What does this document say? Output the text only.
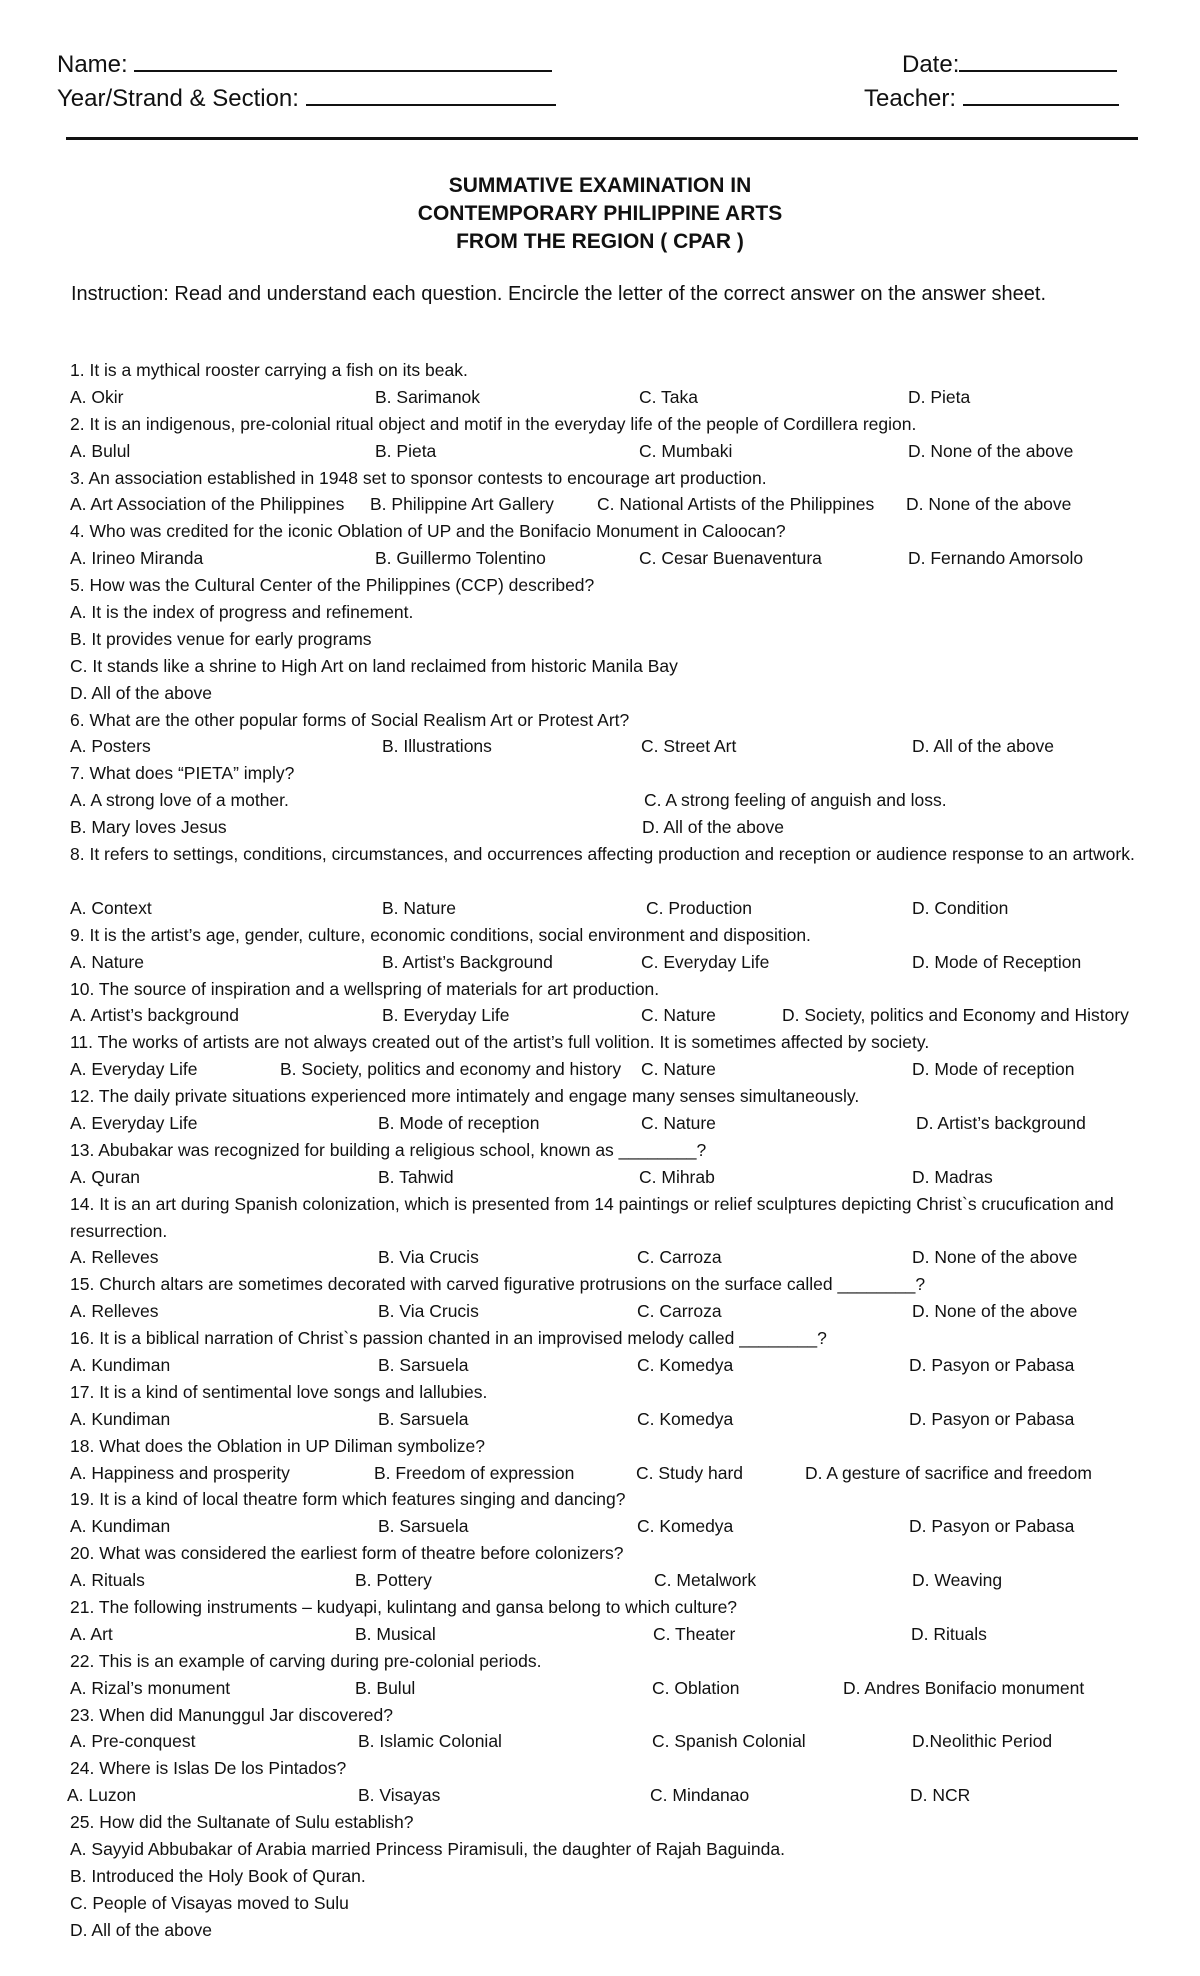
Name:	Date:
Year/Strand & Section:	Teacher:
SUMMATIVE EXAMINATION IN
CONTEMPORARY PHILIPPINE ARTS
FROM THE REGION ( CPAR )
Instruction: Read and understand each question. Encircle the letter of the correct answer on the answer sheet.
1. It is a mythical rooster carrying a fish on its beak.
A. Okir	B. Sarimanok	C. Taka	D. Pieta
2. It is an indigenous, pre-colonial ritual object and motif in the everyday life of the people of Cordillera region.
A. Bulul	B. Pieta	C. Mumbaki	D. None of the above
3. An association established in 1948 set to sponsor contests to encourage art production.
A. Art Association of the Philippines B. Philippine Art Gallery C. National Artists of the Philippines D. None of the above
4. Who was credited for the iconic Oblation of UP and the Bonifacio Monument in Caloocan?
A. Irineo Miranda	B. Guillermo Tolentino	C. Cesar Buenaventura	D. Fernando Amorsolo
5. How was the Cultural Center of the Philippines (CCP) described?
A. It is the index of progress and refinement.
B. It provides venue for early programs
C. It stands like a shrine to High Art on land reclaimed from historic Manila Bay
D. All of the above
6. What are the other popular forms of Social Realism Art or Protest Art?
A. Posters	B. Illustrations	C. Street Art	D. All of the above
7. What does “PIETA” imply?
A. A strong love of a mother.	C. A strong feeling of anguish and loss.
B. Mary loves Jesus	D. All of the above
8. It refers to settings, conditions, circumstances, and occurrences affecting production and reception or audience response to an artwork.
A. Context	B. Nature	C. Production	D. Condition
9. It is the artist’s age, gender, culture, economic conditions, social environment and disposition.
A. Nature	B. Artist’s Background	C. Everyday Life	D. Mode of Reception
10. The source of inspiration and a wellspring of materials for art production.
A. Artist’s background	B. Everyday Life	C. Nature	D. Society, politics and Economy and History
11. The works of artists are not always created out of the artist’s full volition. It is sometimes affected by society.
A. Everyday Life	B. Society, politics and economy and history C. Nature	D. Mode of reception
12. The daily private situations experienced more intimately and engage many senses simultaneously.
A. Everyday Life	B. Mode of reception	C. Nature	D. Artist’s background
13. Abubakar was recognized for building a religious school, known as ________?
A. Quran	B. Tahwid	C. Mihrab	D. Madras
14. It is an art during Spanish colonization, which is presented from 14 paintings or relief sculptures depicting Christ`s crucufication and resurrection.
A. Relleves	B. Via Crucis	C. Carroza	D. None of the above
15. Church altars are sometimes decorated with carved figurative protrusions on the surface called ________?
A. Relleves	B. Via Crucis	C. Carroza	D. None of the above
16. It is a biblical narration of Christ`s passion chanted in an improvised melody called ________?
A. Kundiman	B. Sarsuela	C. Komedya	D. Pasyon or Pabasa
17. It is a kind of sentimental love songs and lallubies.
A. Kundiman	B. Sarsuela	C. Komedya	D. Pasyon or Pabasa
18. What does the Oblation in UP Diliman symbolize?
A. Happiness and prosperity	B. Freedom of expression	C. Study hard	D. A gesture of sacrifice and freedom
19. It is a kind of local theatre form which features singing and dancing?
A. Kundiman	B. Sarsuela	C. Komedya	D. Pasyon or Pabasa
20. What was considered the earliest form of theatre before colonizers?
A. Rituals	B. Pottery	C. Metalwork	D. Weaving
21. The following instruments – kudyapi, kulintang and gansa belong to which culture?
A. Art	B. Musical	C. Theater	D. Rituals
22. This is an example of carving during pre-colonial periods.
A. Rizal’s monument	B. Bulul	C. Oblation	D. Andres Bonifacio monument
23. When did Manunggul Jar discovered?
A. Pre-conquest	B. Islamic Colonial	C. Spanish Colonial	D.Neolithic Period
24. Where is Islas De los Pintados?
A. Luzon	B. Visayas	C. Mindanao	D. NCR
25. How did the Sultanate of Sulu establish?
A. Sayyid Abbubakar of Arabia married Princess Piramisuli, the daughter of Rajah Baguinda.
B. Introduced the Holy Book of Quran.
C. People of Visayas moved to Sulu
D. All of the above
